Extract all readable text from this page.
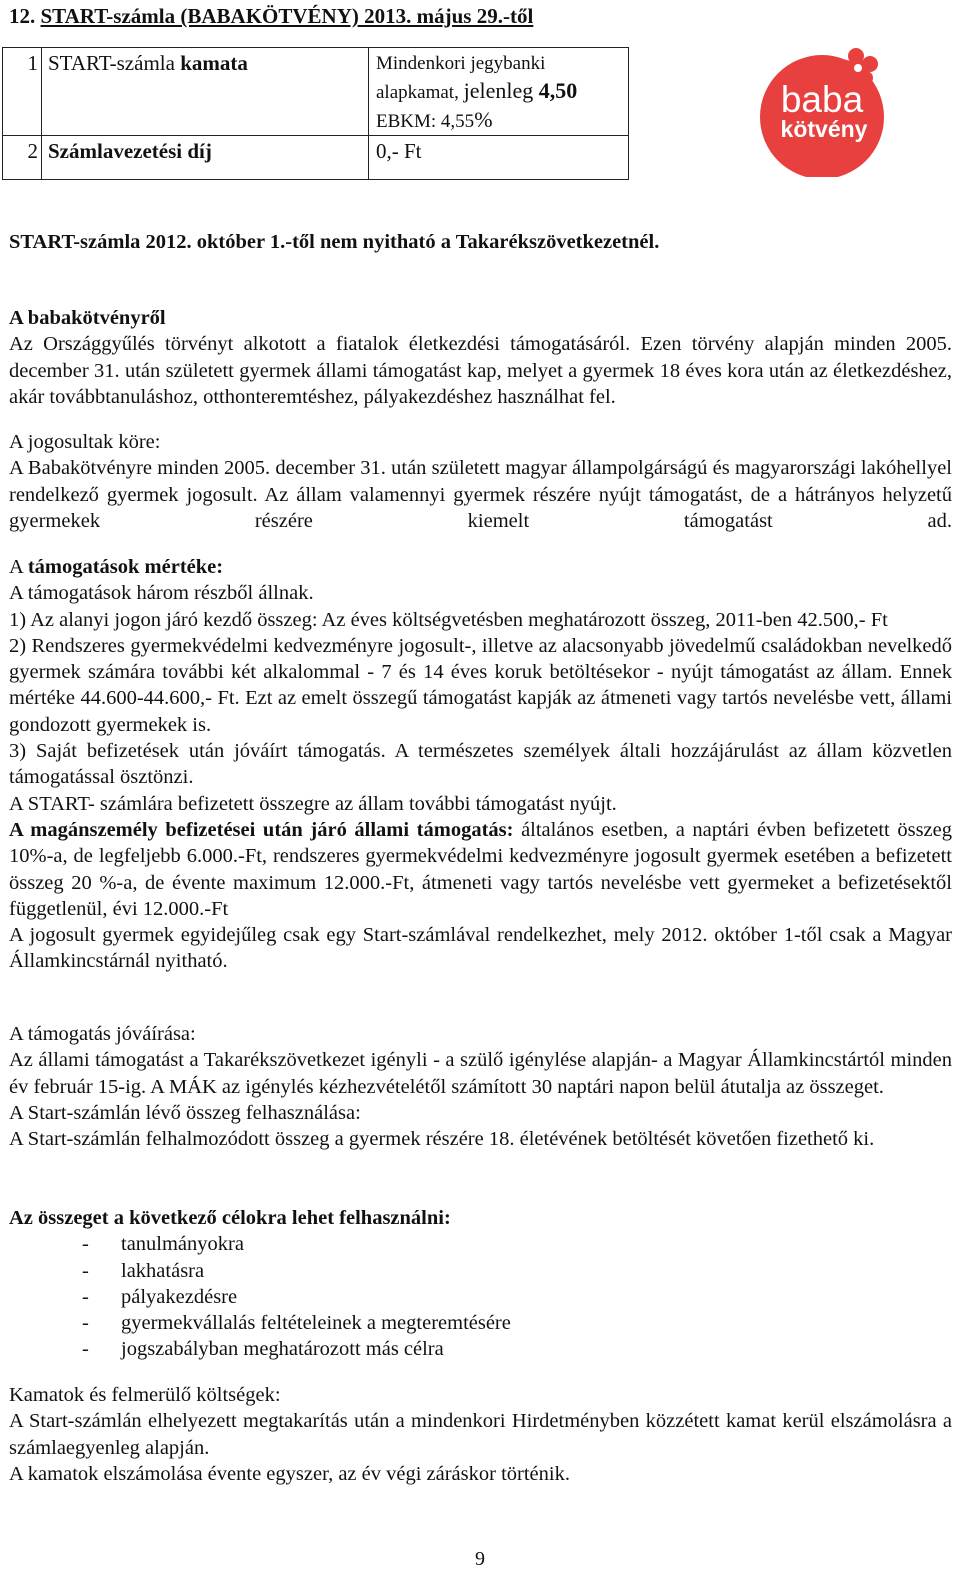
12. START-számla (BABAKÖTVÉNY) 2013. május 29.-től
1	START-számla kamata	Mindenkori jegybanki
alapkamat, jelenleg 4,50
EBKM: 4,55%

2	Számlavezetési díj	0,- Ft
baba
kötvény

START-számla 2012. október 1.-től nem nyitható a Takarékszövetkezetnél.

A babakötvényről

Az Országgyűlés törvényt alkotott a fiatalok életkezdési támogatásáról. Ezen törvény alapján minden 2005. december 31. után született gyermek állami támogatást kap, melyet a gyermek 18 éves kora után az életkezdéshez, akár továbbtanuláshoz, otthonteremtéshez, pályakezdéshez használhat fel.

A jogosultak köre:

A Babakötvényre minden 2005. december 31. után született magyar állampolgárságú és magyarországi lakóhellyel rendelkező gyermek jogosult. Az állam valamennyi gyermek részére nyújt támogatást, de a hátrányos helyzetű gyermekek részére kiemelt támogatást ad.

A támogatások mértéke:

A támogatások három részből állnak.

1) Az alanyi jogon járó kezdő összeg: Az éves költségvetésben meghatározott összeg, 2011-ben 42.500,- Ft

2) Rendszeres gyermekvédelmi kedvezményre jogosult-, illetve az alacsonyabb jövedelmű családokban nevelkedő gyermek számára további két alkalommal - 7 és 14 éves koruk betöltésekor - nyújt támogatást az állam. Ennek mértéke 44.600-44.600,- Ft. Ezt az emelt összegű támogatást kapják az átmeneti vagy tartós nevelésbe vett, állami gondozott gyermekek is.

3) Saját befizetések után jóváírt támogatás. A természetes személyek általi hozzájárulást az állam közvetlen támogatással ösztönzi.

A START- számlára befizetett összegre az állam további támogatást nyújt.

A magánszemély befizetései után járó állami támogatás: általános esetben, a naptári évben befizetett összeg 10%-a, de legfeljebb 6.000.-Ft, rendszeres gyermekvédelmi kedvezményre jogosult gyermek esetében a befizetett összeg 20 %-a, de évente maximum 12.000.-Ft, átmeneti vagy tartós nevelésbe vett gyermeket a befizetésektől függetlenül, évi 12.000.-Ft

A jogosult gyermek egyidejűleg csak egy Start-számlával rendelkezhet, mely 2012. október 1-től csak a Magyar Államkincstárnál nyitható.

A támogatás jóváírása:

Az állami támogatást a Takarékszövetkezet igényli - a szülő igénylése alapján- a Magyar Államkincstártól minden év február 15-ig. A MÁK az igénylés kézhezvételétől számított 30 naptári napon belül átutalja az összeget.

A Start-számlán lévő összeg felhasználása:

A Start-számlán felhalmozódott összeg a gyermek részére 18. életévének betöltését követően fizethető ki.

Az összeget a következő célokra lehet felhasználni:

- tanulmányokra
- lakhatásra
- pályakezdésre
- gyermekvállalás feltételeinek a megteremtésére
- jogszabályban meghatározott más célra

Kamatok és felmerülő költségek:

A Start-számlán elhelyezett megtakarítás után a mindenkori Hirdetményben közzétett kamat kerül elszámolásra a számlaegyenleg alapján.

A kamatok elszámolása évente egyszer, az év végi záráskor történik.

9
